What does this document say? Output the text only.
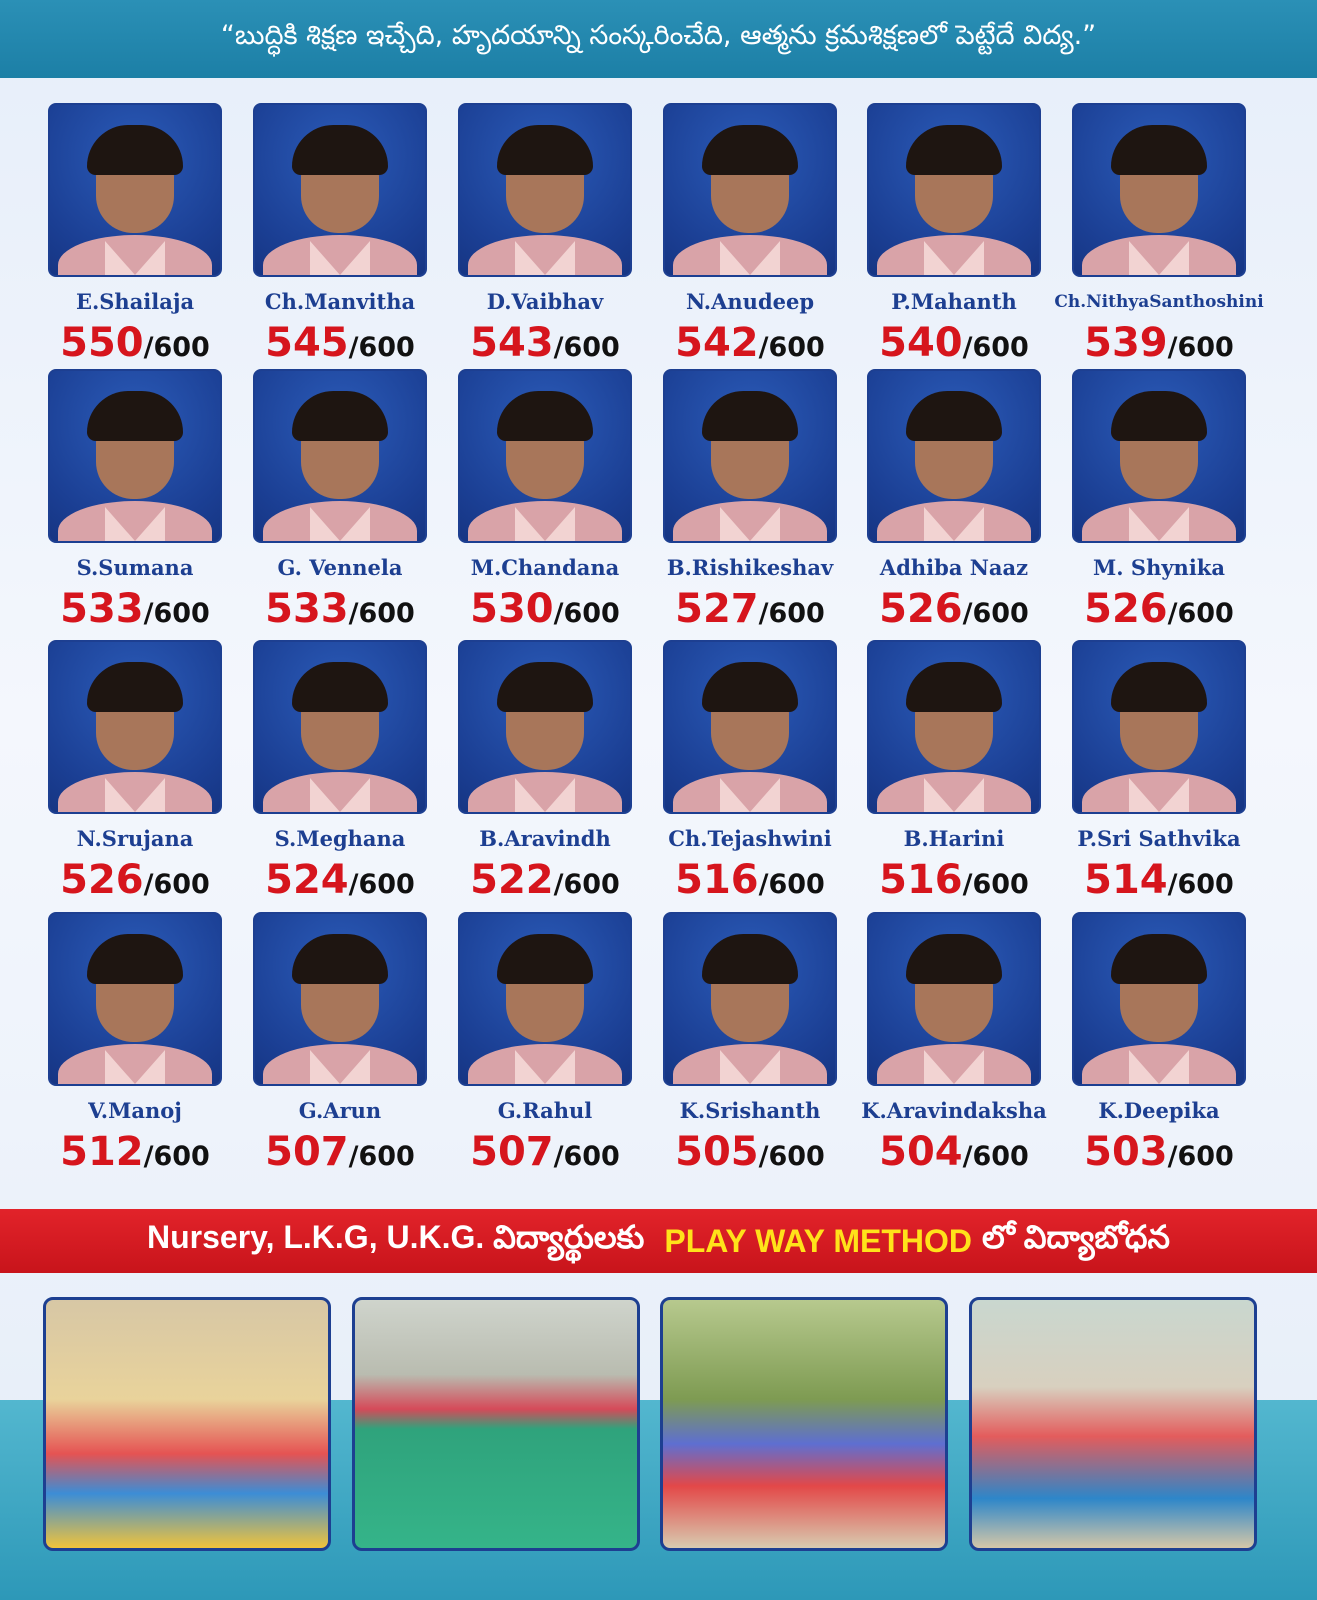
“బుద్ధికి శిక్షణ ఇచ్చేది, హృదయాన్ని సంస్కరించేది, ఆత్మను క్రమశిక్షణలో పెట్టేదే విద్య.”
E.Shailaja
550/600
Ch.Manvitha
545/600
D.Vaibhav
543/600
N.Anudeep
542/600
P.Mahanth
540/600
Ch.NithyaSanthoshini
539/600
S.Sumana
533/600
G. Vennela
533/600
M.Chandana
530/600
B.Rishikeshav
527/600
Adhiba Naaz
526/600
M. Shynika
526/600
N.Srujana
526/600
S.Meghana
524/600
B.Aravindh
522/600
Ch.Tejashwini
516/600
B.Harini
516/600
P.Sri Sathvika
514/600
V.Manoj
512/600
G.Arun
507/600
G.Rahul
507/600
K.Srishanth
505/600
K.Aravindaksha
504/600
K.Deepika
503/600
Nursery, L.K.G, U.K.G. విద్యార్థులకు PLAY WAY METHOD లో విద్యాబోధన
